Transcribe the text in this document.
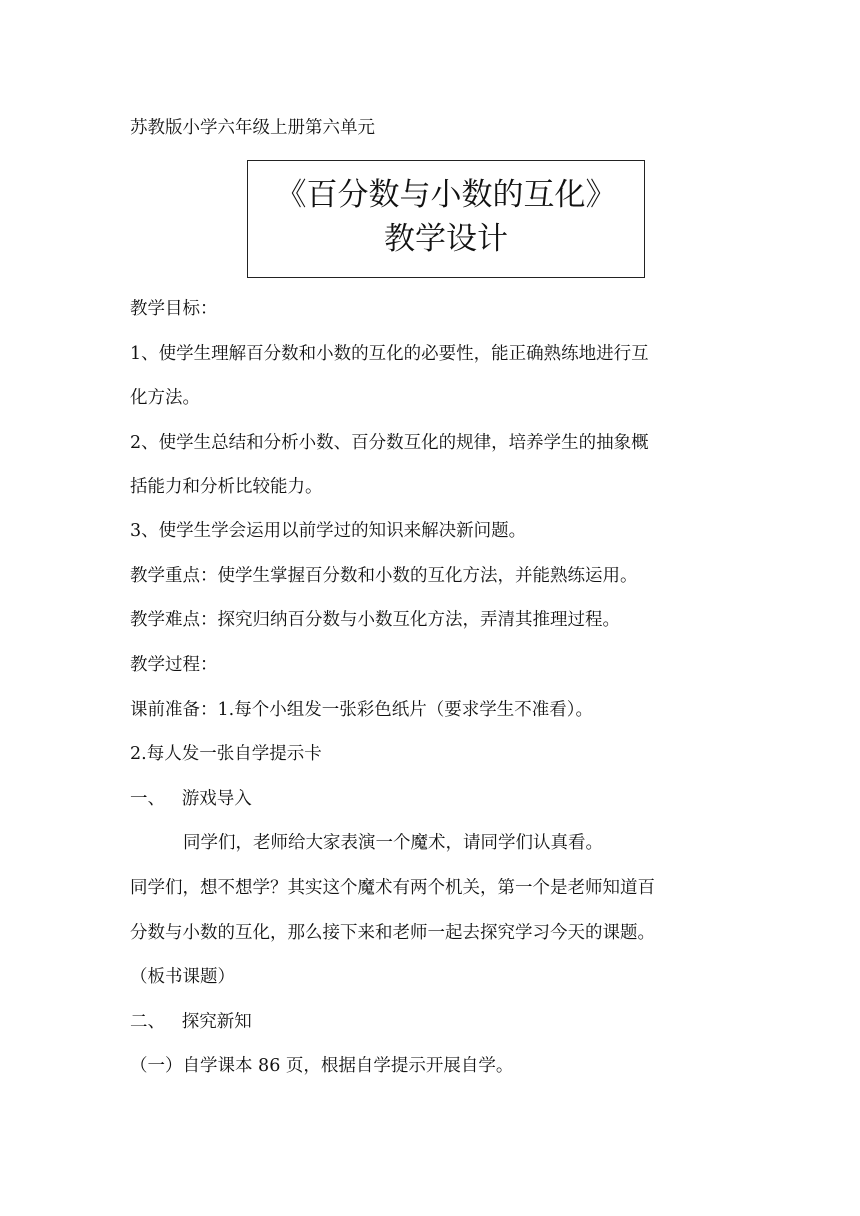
苏教版小学六年级上册第六单元
《百分数与小数的互化》
教学设计
教学目标：
1、使学生理解百分数和小数的互化的必要性，能正确熟练地进行互
化方法。
2、使学生总结和分析小数、百分数互化的规律，培养学生的抽象概
括能力和分析比较能力。
3、使学生学会运用以前学过的知识来解决新问题。
教学重点：使学生掌握百分数和小数的互化方法，并能熟练运用。
教学难点：探究归纳百分数与小数互化方法，弄清其推理过程。
教学过程：
课前准备：1.每个小组发一张彩色纸片（要求学生不准看）。
2.每人发一张自学提示卡
一、   游戏导入
同学们，老师给大家表演一个魔术，请同学们认真看。
同学们，想不想学？其实这个魔术有两个机关，第一个是老师知道百
分数与小数的互化，那么接下来和老师一起去探究学习今天的课题。
（板书课题）
二、   探究新知
（一）自学课本 86 页，根据自学提示开展自学。
